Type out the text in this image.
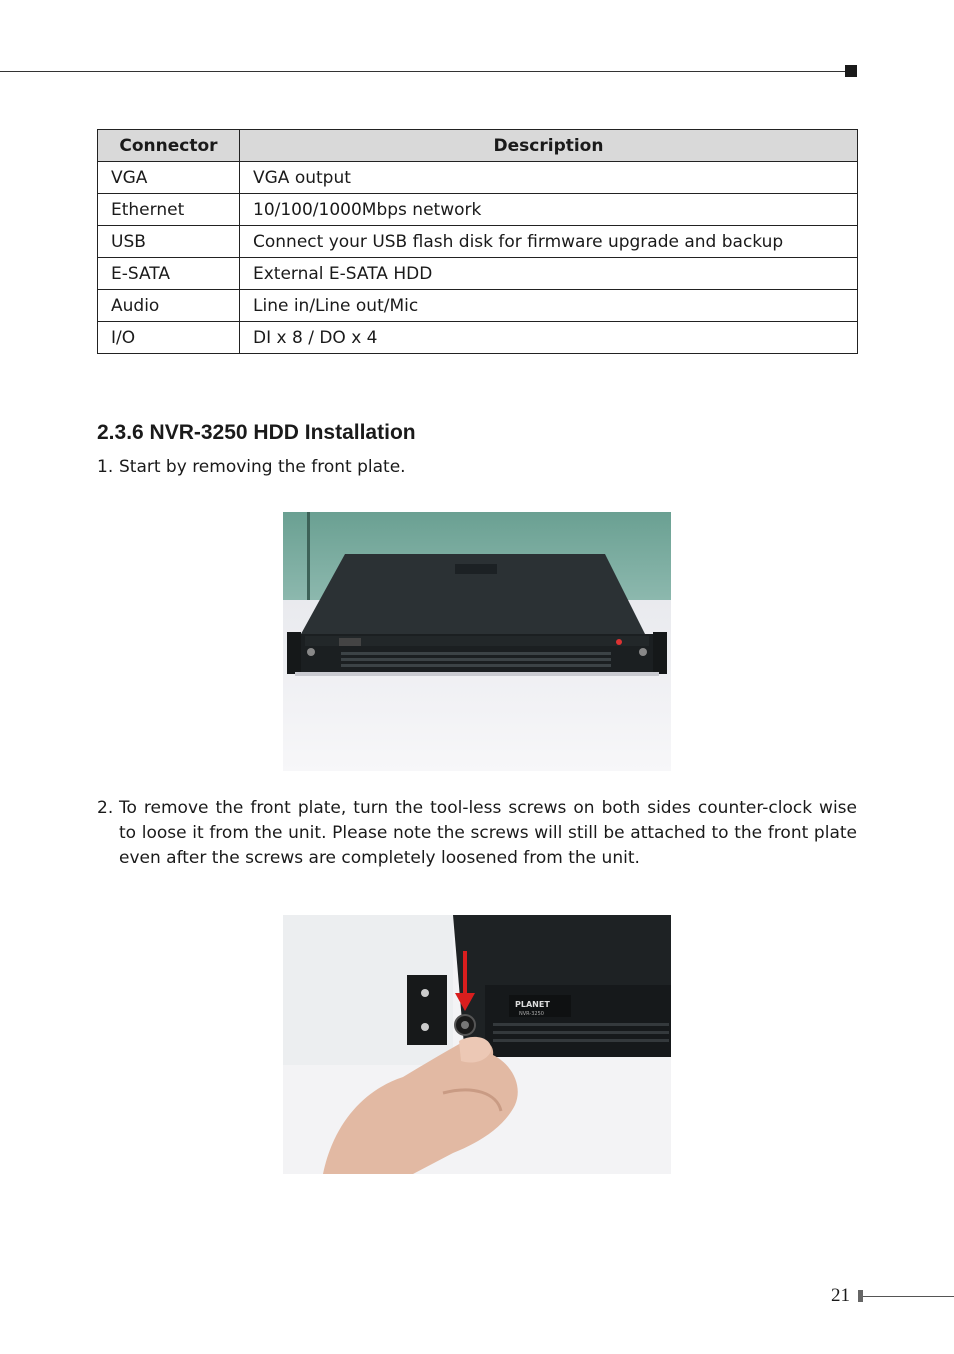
Connector	Description
VGA	VGA output
Ethernet	10/100/1000Mbps network
USB	Connect your USB flash disk for firmware upgrade and backup
E-SATA	External E-SATA HDD
Audio	Line in/Line out/Mic
I/O	DI x 8 / DO x 4
2.3.6 NVR-3250 HDD Installation
1. Start by removing the front plate.
2. To remove the front plate, turn the tool-less screws on both sides counter-clock wise to loose it from the unit. Please note the screws will still be attached to the front plate even after the screws are completely loosened from the unit.
PLANET
NVR-3250
21
